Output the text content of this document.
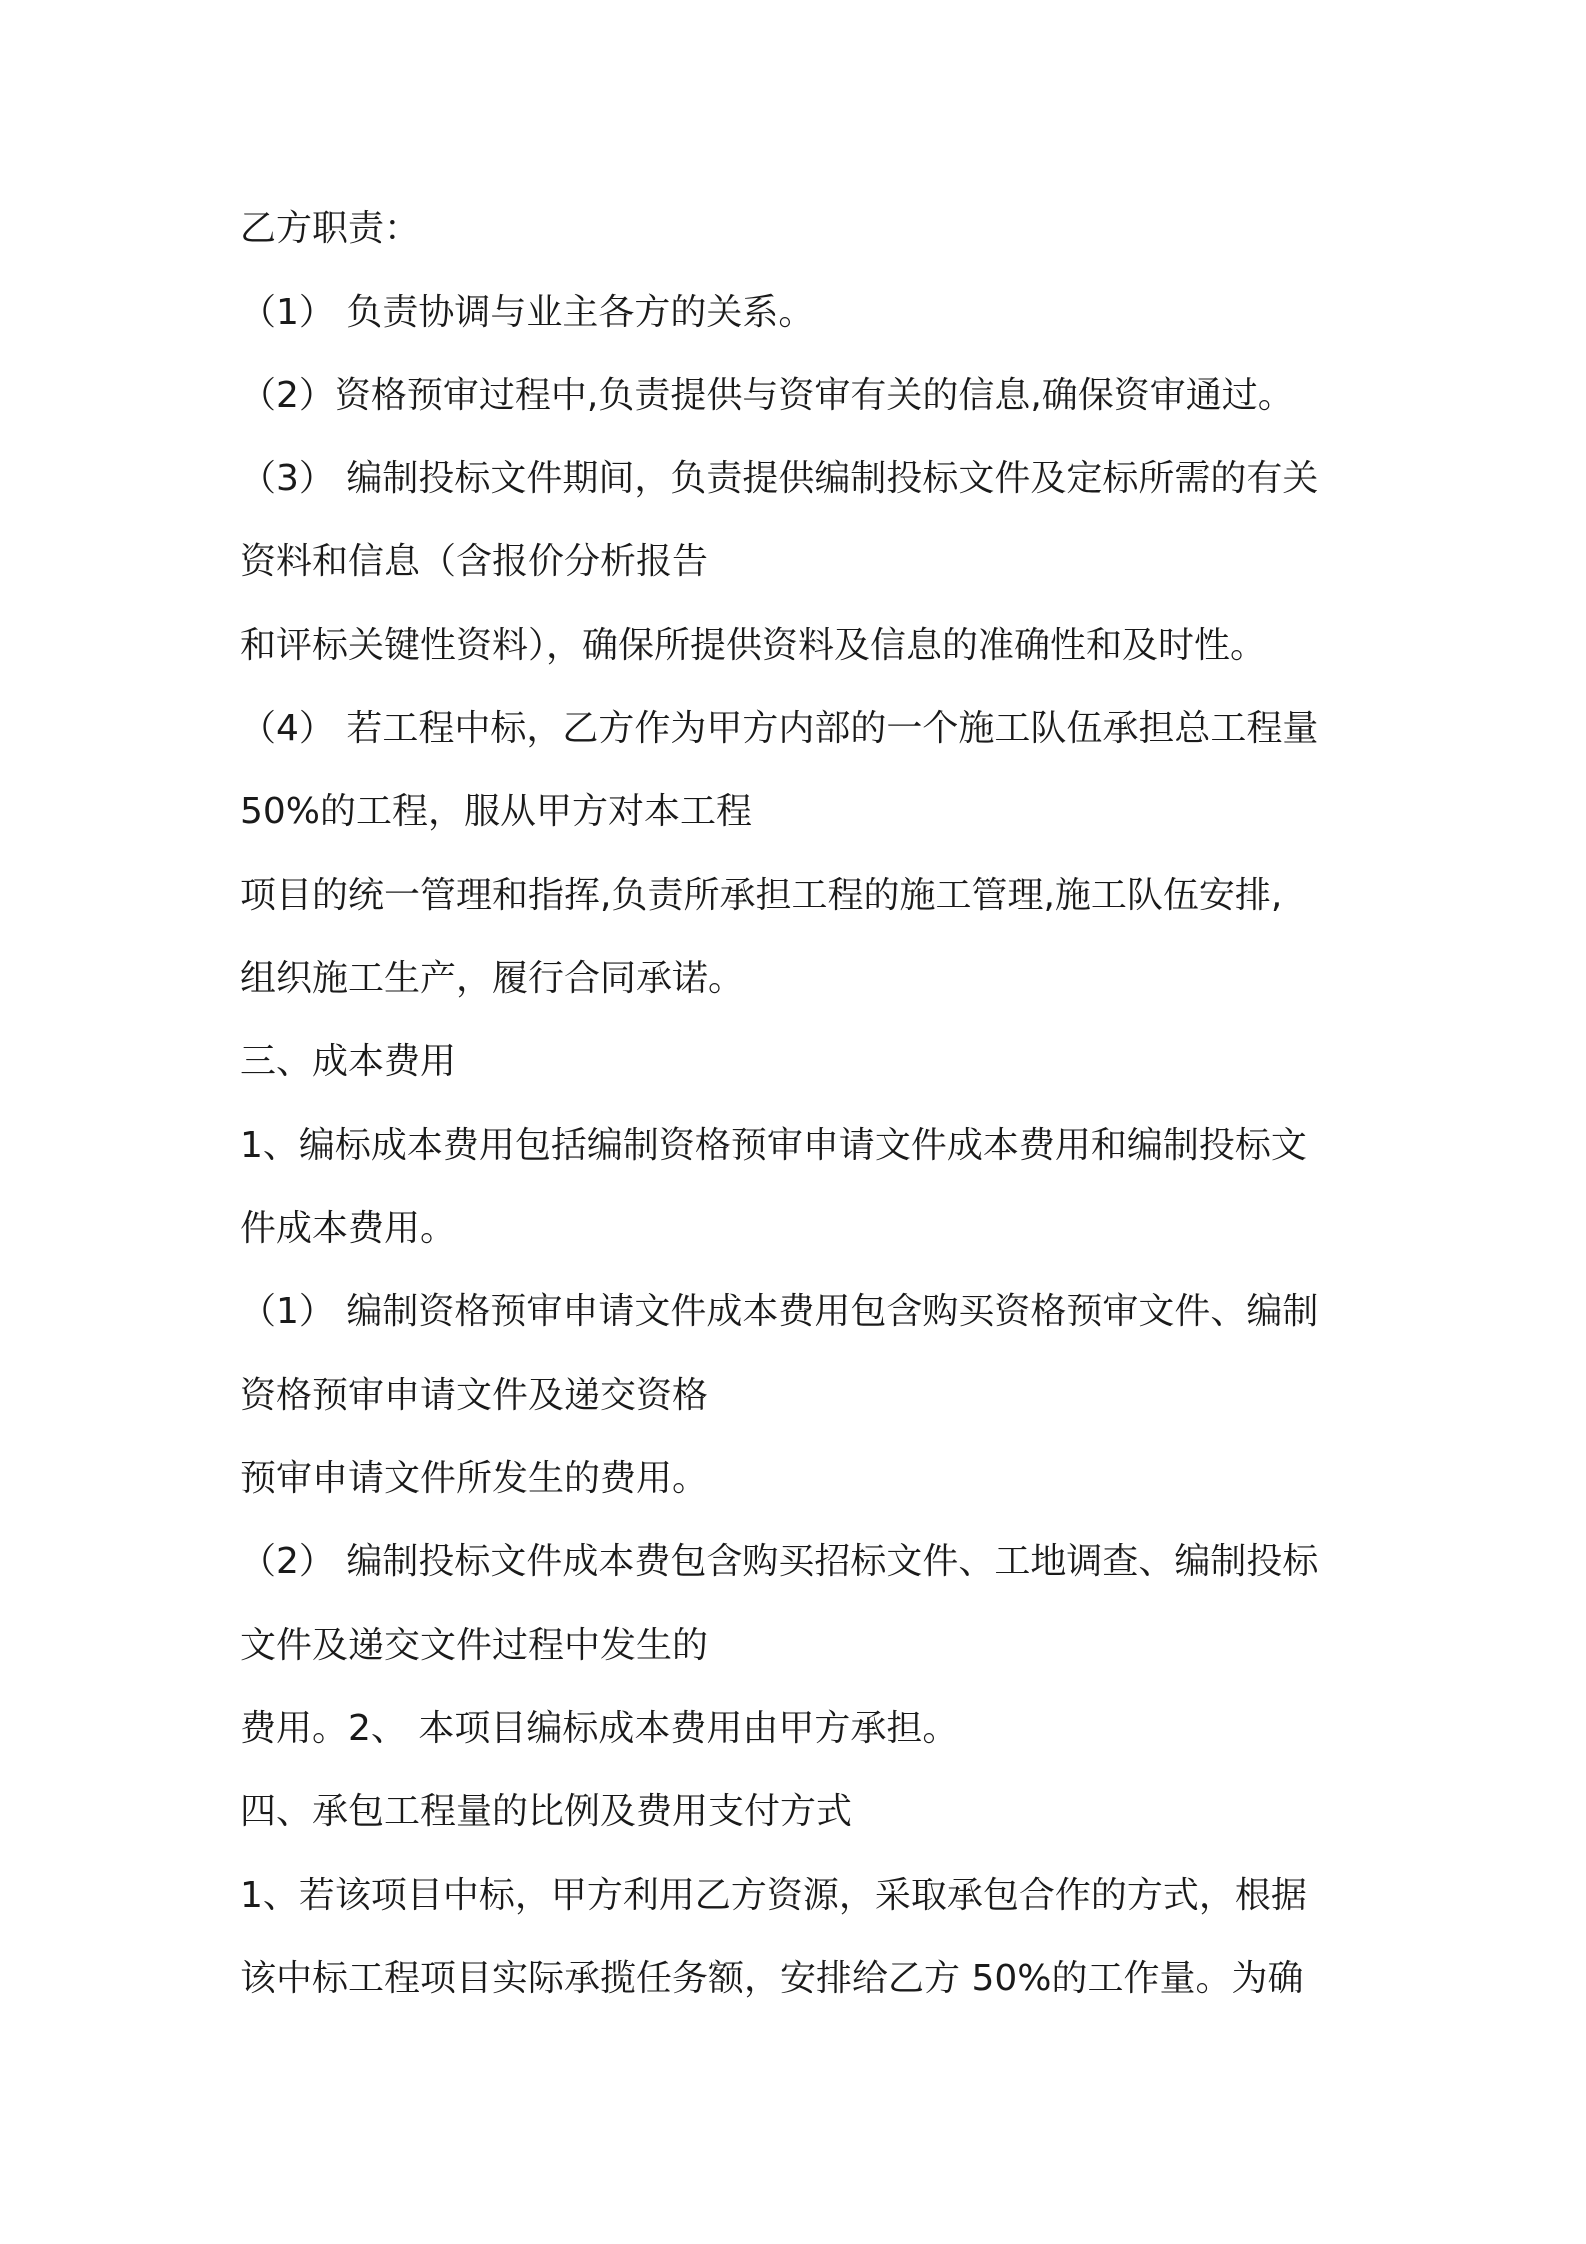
乙方职责：
（1） 负责协调与业主各方的关系。
（2）资格预审过程中,负责提供与资审有关的信息,确保资审通过。
（3） 编制投标文件期间，负责提供编制投标文件及定标所需的有关
资料和信息（含报价分析报告
和评标关键性资料），确保所提供资料及信息的准确性和及时性。
（4） 若工程中标，乙方作为甲方内部的一个施工队伍承担总工程量
50%的工程，服从甲方对本工程
项目的统一管理和指挥,负责所承担工程的施工管理,施工队伍安排,
组织施工生产，履行合同承诺。
三、成本费用
1、编标成本费用包括编制资格预审申请文件成本费用和编制投标文
件成本费用。
（1） 编制资格预审申请文件成本费用包含购买资格预审文件、编制
资格预审申请文件及递交资格
预审申请文件所发生的费用。
（2） 编制投标文件成本费包含购买招标文件、工地调查、编制投标
文件及递交文件过程中发生的
费用。2、 本项目编标成本费用由甲方承担。
四、承包工程量的比例及费用支付方式
1、若该项目中标，甲方利用乙方资源，采取承包合作的方式，根据
该中标工程项目实际承揽任务额，安排给乙方 50%的工作量。为确
